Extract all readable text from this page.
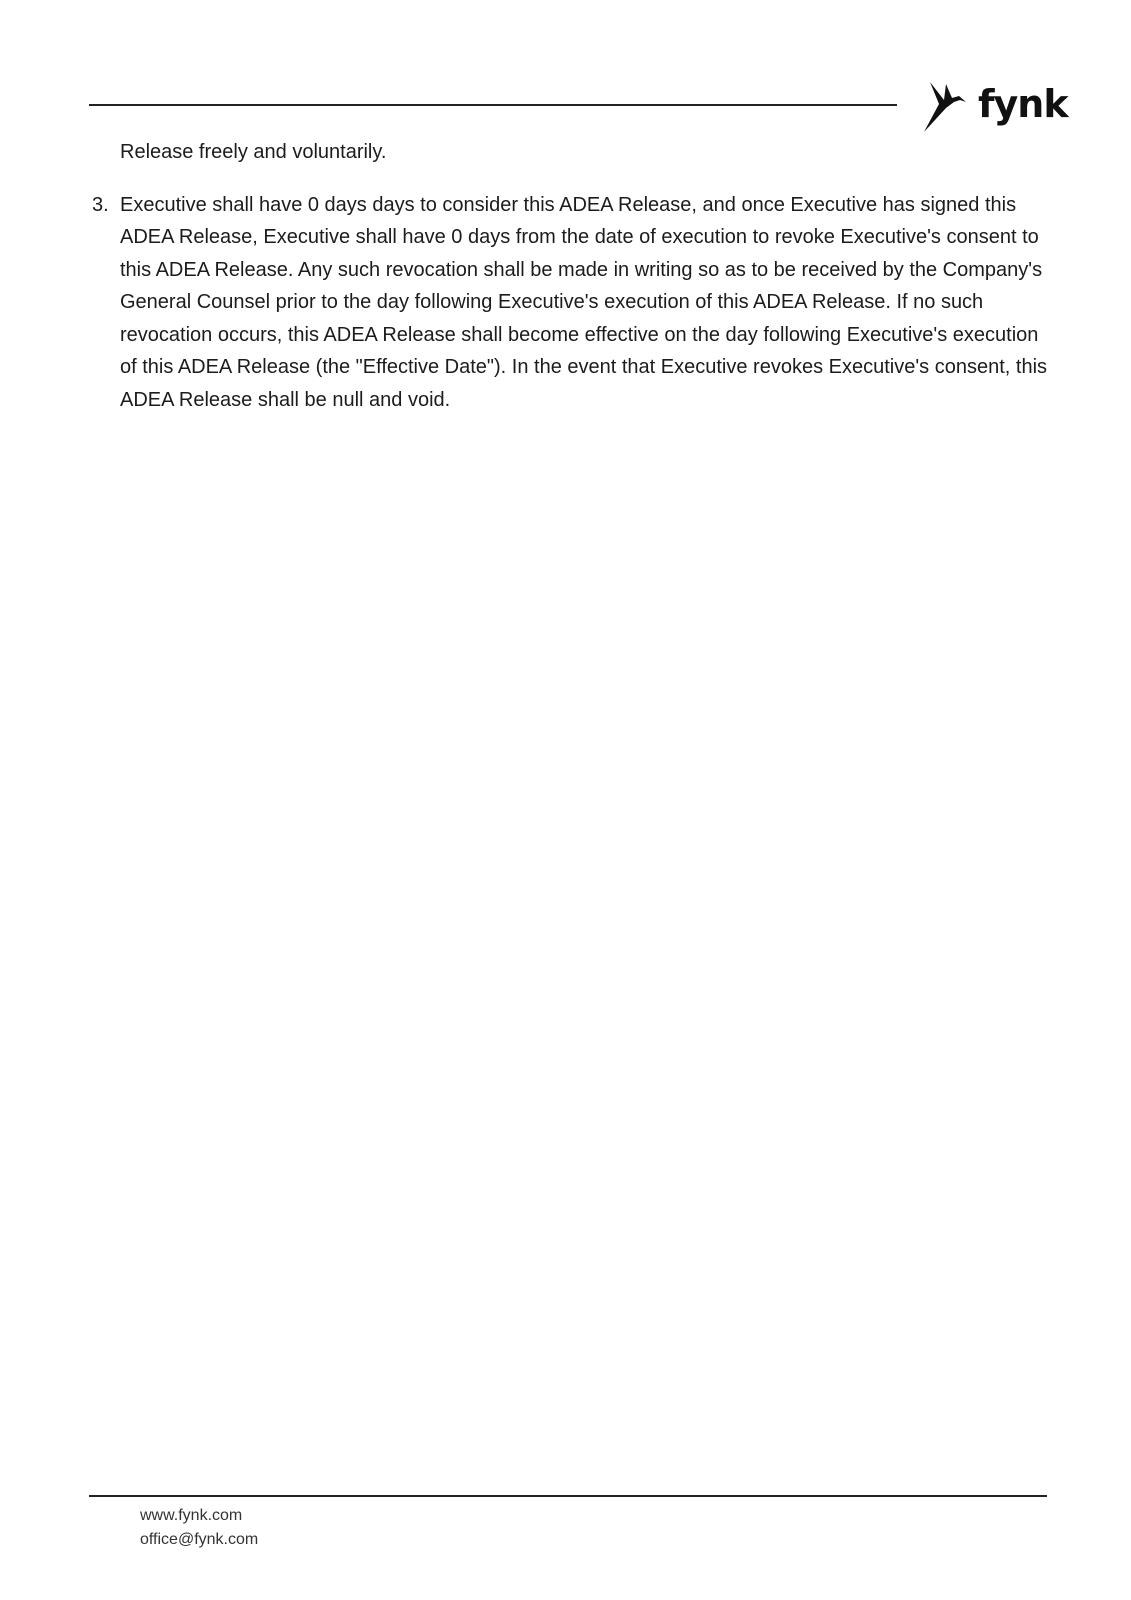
fynk

Release freely and voluntarily.

3. Executive shall have 0 days days to consider this ADEA Release, and once Executive has signed this ADEA Release, Executive shall have 0 days from the date of execution to revoke Executive's consent to this ADEA Release. Any such revocation shall be made in writing so as to be received by the Company's General Counsel prior to the day following Executive's execution of this ADEA Release. If no such revocation occurs, this ADEA Release shall become effective on the day following Executive's execution of this ADEA Release (the "Effective Date"). In the event that Executive revokes Executive's consent, this ADEA Release shall be null and void.

www.fynk.com
office@fynk.com
